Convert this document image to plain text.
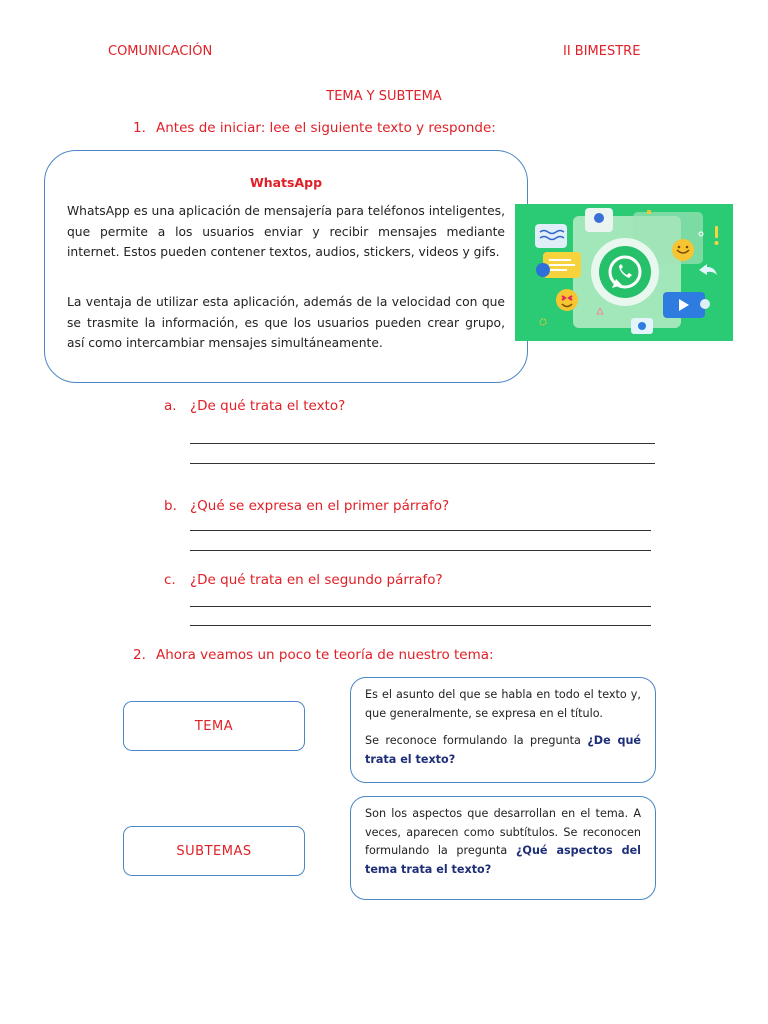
COMUNICACIÓN	II BIMESTRE
TEMA Y SUBTEMA
1. Antes de iniciar: lee el siguiente texto y responde:
WhatsApp

WhatsApp es una aplicación de mensajería para teléfonos inteligentes, que permite a los usuarios enviar y recibir mensajes mediante internet. Estos pueden contener textos, audios, stickers, videos y gifs.

La ventaja de utilizar esta aplicación, además de la velocidad con que se trasmite la información, es que los usuarios pueden crear grupo, así como intercambiar mensajes simultáneamente.

a. ¿De qué trata el texto?
b. ¿Qué se expresa en el primer párrafo?
c. ¿De qué trata en el segundo párrafo?
2. Ahora veamos un poco te teoría de nuestro tema:
TEMA

Es el asunto del que se habla en todo el texto y, que generalmente, se expresa en el título.

Se reconoce formulando la pregunta ¿De qué trata el texto?

SUBTEMAS

Son los aspectos que desarrollan en el tema. A veces, aparecen como subtítulos. Se reconocen formulando la pregunta ¿Qué aspectos del tema trata el texto?
